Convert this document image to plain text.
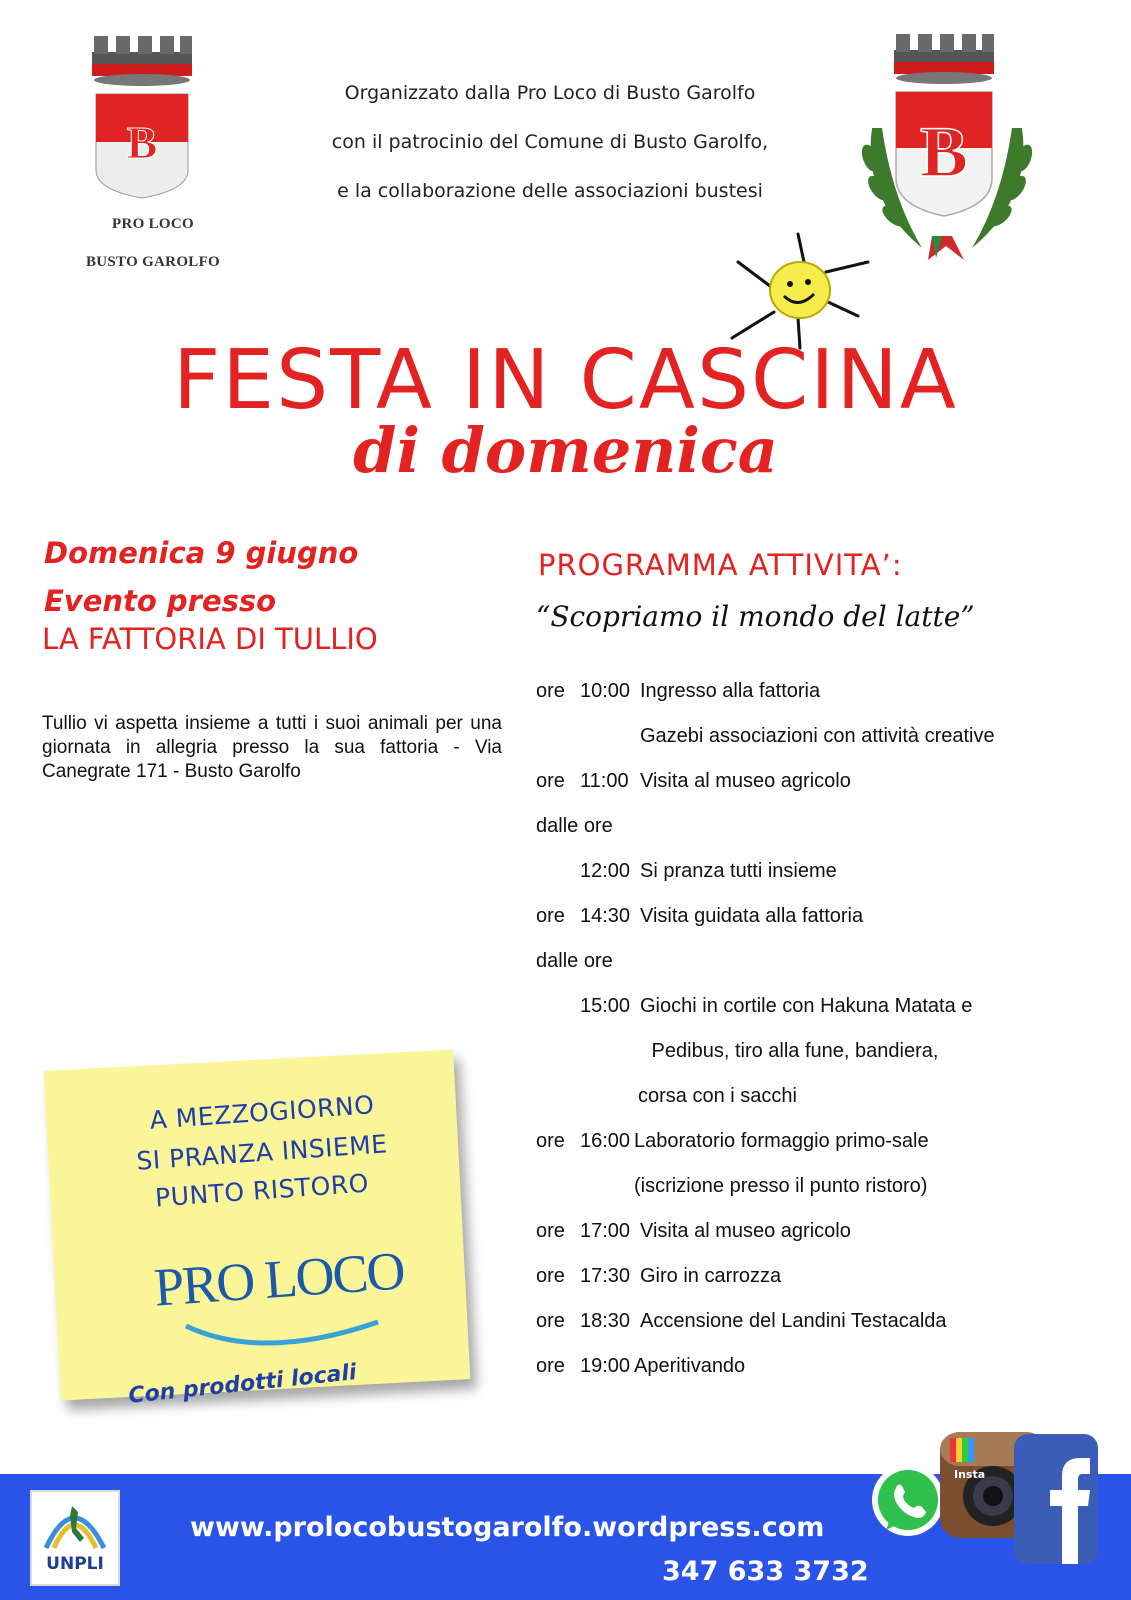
B
PRO LOCO
BUSTO GAROLFO
Organizzato dalla Pro Loco di Busto Garolfo
con il patrocinio del Comune di Busto Garolfo,
e la collaborazione delle associazioni bustesi	B
FESTA IN CASCINA
di domenica
Domenica 9 giugno
Evento presso
LA FATTORIA DI TULLIO
Tullio vi aspetta insieme a tutti i suoi animali per una giornata in allegria presso la sua fattoria - Via Canegrate 171 - Busto Garolfo
PROGRAMMA ATTIVITA’:
“Scopriamo il mondo del latte”
ore 10:00 Ingresso alla fattoria
Gazebi associazioni con attività creative
ore 11:00 Visita al museo agricolo
dalle ore
12:00 Si pranza tutti insieme
ore 14:30 Visita guidata alla fattoria
dalle ore
15:00 Giochi in cortile con Hakuna Matata e
Pedibus, tiro alla fune, bandiera,
corsa con i sacchi
ore 16:00 Laboratorio formaggio primo-sale
(iscrizione presso il punto ristoro)
ore 17:00 Visita al museo agricolo
ore 17:30 Giro in carrozza
ore 18:30 Accensione del Landini Testacalda
ore 19:00 Aperitivando
A MEZZOGIORNO
SI PRANZA INSIEME
PUNTO RISTORO
PRO LOCO
Con prodotti locali
UNPLI
Insta
www.prolocobustogarolfo.wordpress.com
347 633 3732
